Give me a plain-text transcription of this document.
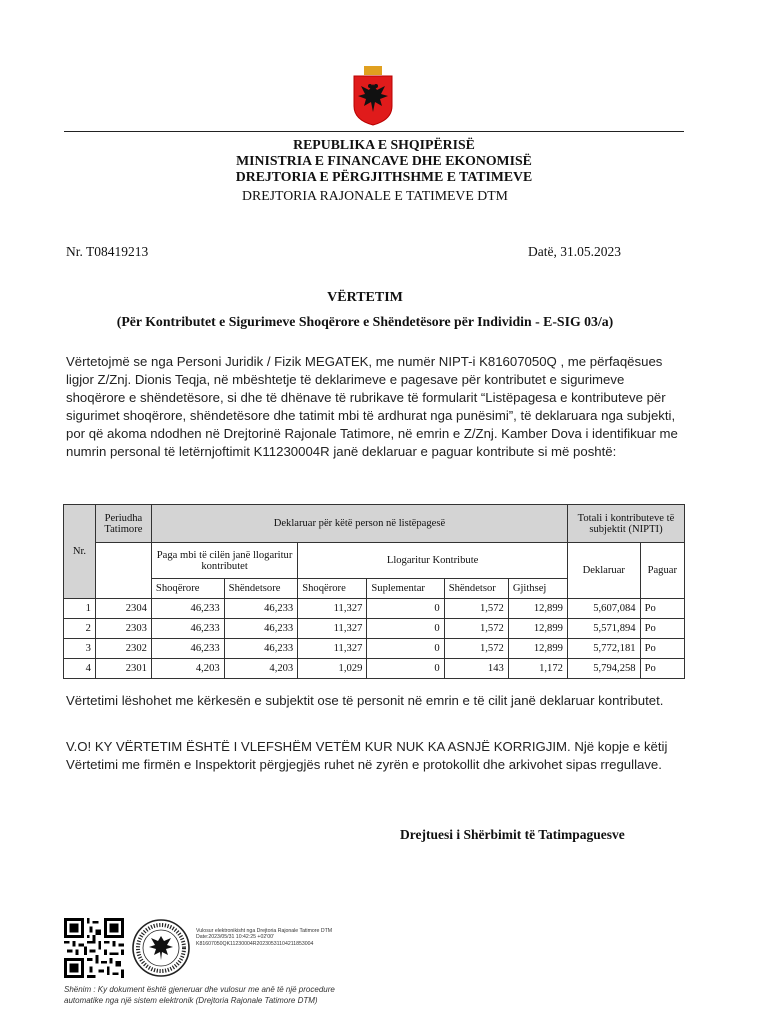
REPUBLIKA E SHQIPËRISË
MINISTRIA E FINANCAVE DHE EKONOMISË
DREJTORIA E PËRGJITHSHME E TATIMEVE
DREJTORIA RAJONALE E TATIMEVE DTM
Nr. T08419213	Datë, 31.05.2023
VËRTETIM
(Për Kontributet e Sigurimeve Shoqërore e Shëndetësore për Individin - E-SIG 03/a)
Vërtetojmë se nga Personi Juridik / Fizik MEGATEK, me numër NIPT-i K81607050Q , me përfaqësues ligjor Z/Znj. Dionis Teqja, në mbështetje të deklarimeve e pagesave për kontributet e sigurimeve shoqërore e shëndetësore, si dhe të dhënave të rubrikave të formularit “Listëpagesa e kontributeve për sigurimet shoqërore, shëndetësore dhe tatimit mbi të ardhurat nga punësimi”, të deklaruara nga subjekti, por që akoma ndodhen në Drejtorinë Rajonale Tatimore, në emrin e Z/Znj. Kamber Dova i identifikuar me numrin personal të letërnjoftimit K11230004R janë deklaruar e paguar kontribute si më poshtë:
Nr.	Periudha Tatimore	Deklaruar për këtë person në listëpagesë						Totali i kontributeve të subjektit (NIPTI)	
		Paga mbi të cilën janë llogaritur kontributet		Llogaritur Kontribute				Deklaruar	Paguar
		Shoqërore	Shëndetsore	Shoqërore	Suplementar	Shëndetsor	Gjithsej		
1	2304	46,233	46,233	11,327	0	1,572	12,899	5,607,084	Po
2	2303	46,233	46,233	11,327	0	1,572	12,899	5,571,894	Po
3	2302	46,233	46,233	11,327	0	1,572	12,899	5,772,181	Po
4	2301	4,203	4,203	1,029	0	143	1,172	5,794,258	Po
Vërtetimi lëshohet me kërkesën e subjektit ose të personit në emrin e të cilit janë deklaruar kontributet.
V.O! KY VËRTETIM ËSHTË I VLEFSHËM VETËM KUR NUK KA ASNJË KORRIGJIM. Një kopje e këtij Vërtetimi me firmën e Inspektorit përgjegjës ruhet në zyrën e protokollit dhe arkivohet sipas rregullave.
Drejtuesi i Shërbimit të Tatimpaguesve
Vulosur elektronikisht nga Drejtoria Rajonale Tatimore DTM
Date:2023/05/31 10:42:25 +02'00'
K81607050QK11230004R20230531104211853004
Shënim : Ky dokument është gjeneruar dhe vulosur me anë të një procedure automatike nga një sistem elektronik (Drejtoria Rajonale Tatimore DTM)
